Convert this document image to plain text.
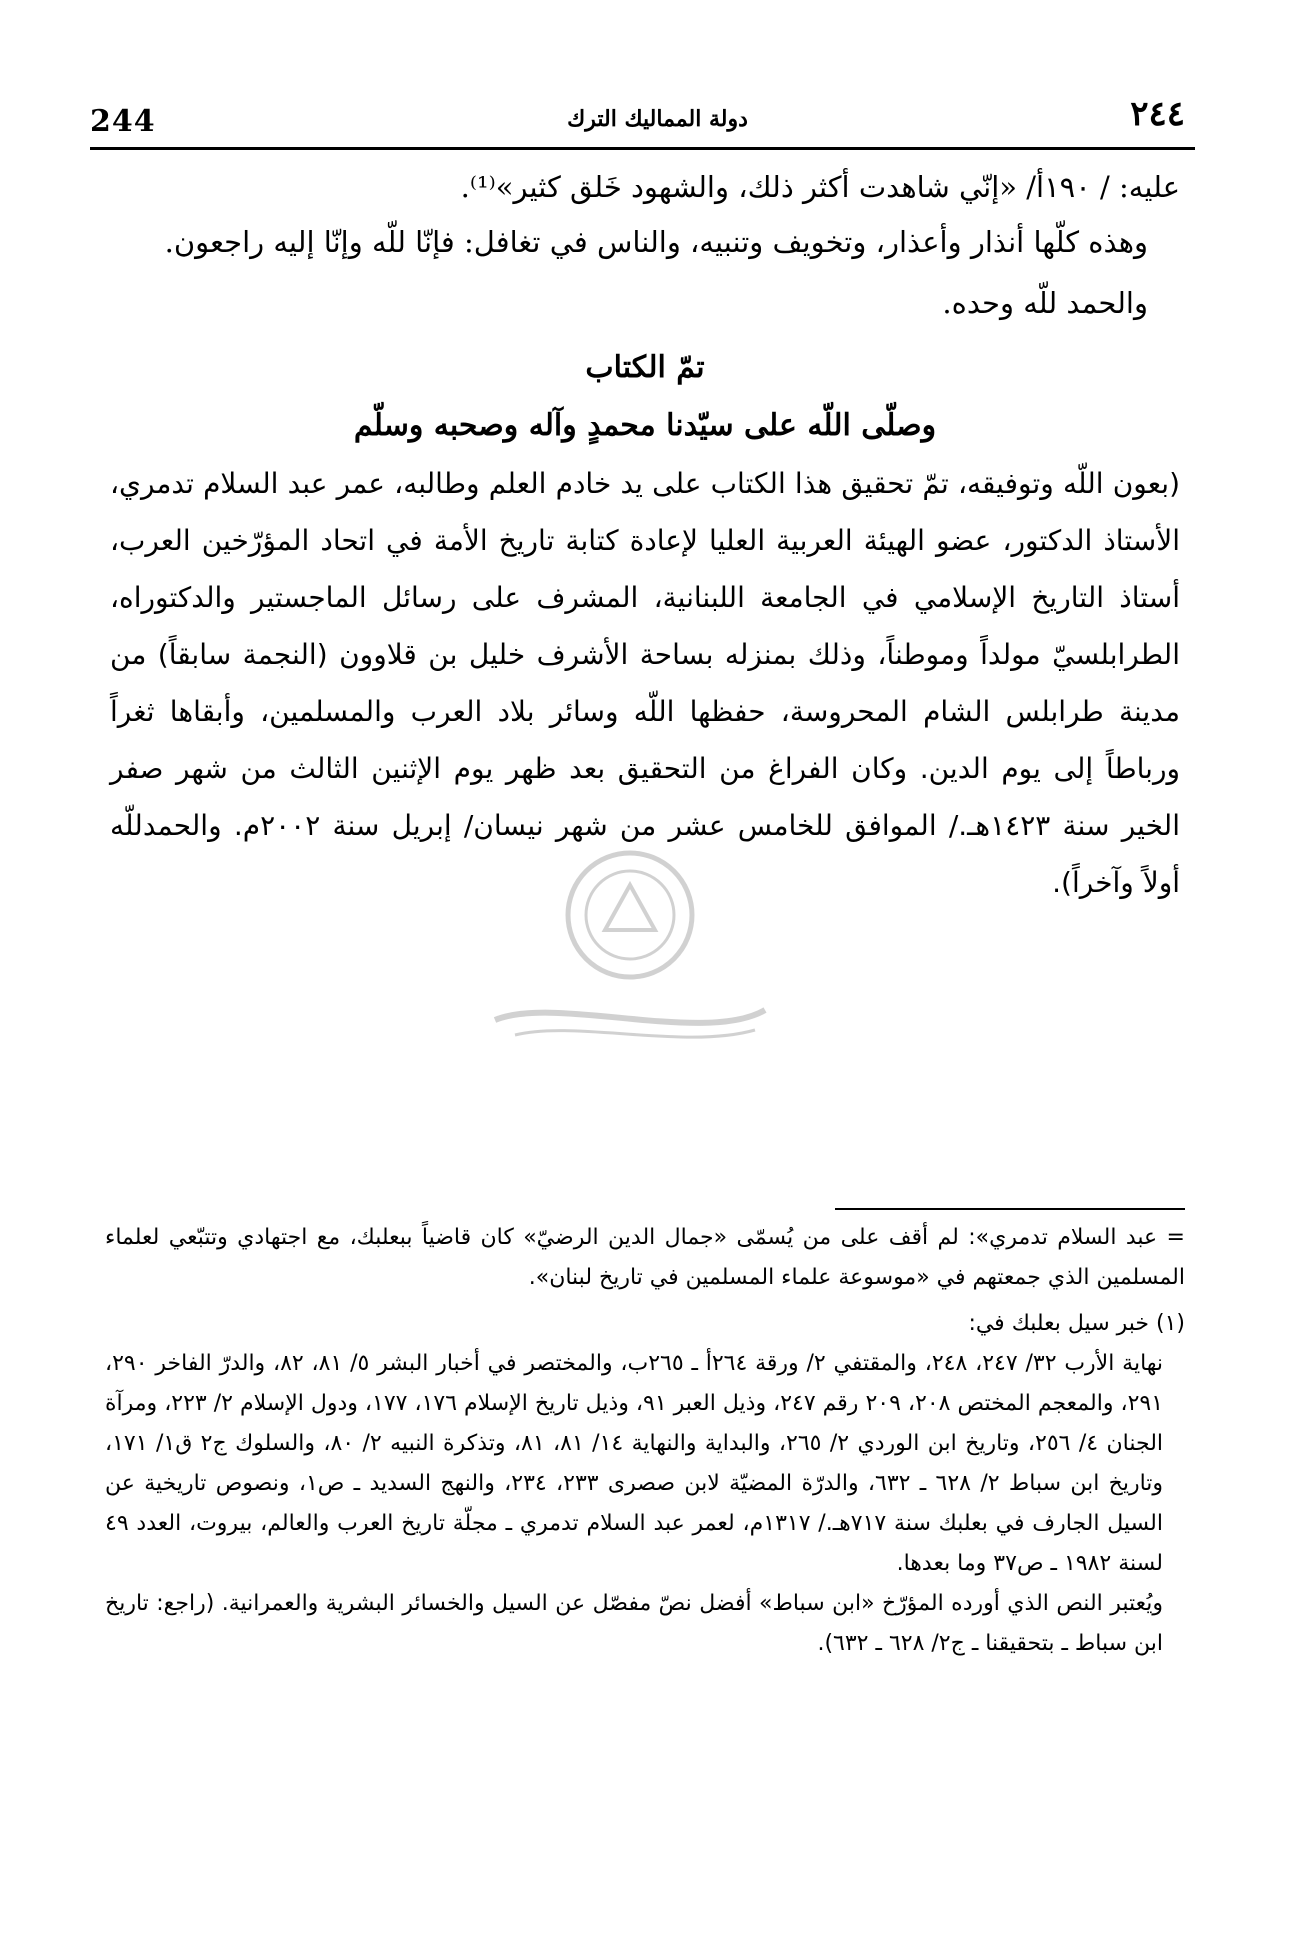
244	دولة المماليك الترك	٢٤٤

عليه: / ١٩٠أ/ «إنّي شاهدت أكثر ذلك، والشهود خَلق كثير»⁽¹⁾.

وهذه كلّها أنذار وأعذار، وتخويف وتنبيه، والناس في تغافل: فإنّا للّه وإنّا إليه راجعون.

والحمد للّه وحده.

تمّ الكتاب

وصلّى اللّه على سيّدنا محمدٍ وآله وصحبه وسلّم

(بعون اللّه وتوفيقه، تمّ تحقيق هذا الكتاب على يد خادم العلم وطالبه، عمر عبد السلام تدمري، الأستاذ الدكتور، عضو الهيئة العربية العليا لإعادة كتابة تاريخ الأمة في اتحاد المؤرّخين العرب، أستاذ التاريخ الإسلامي في الجامعة اللبنانية، المشرف على رسائل الماجستير والدكتوراه، الطرابلسيّ مولداً وموطناً، وذلك بمنزله بساحة الأشرف خليل بن قلاوون (النجمة سابقاً) من مدينة طرابلس الشام المحروسة، حفظها اللّه وسائر بلاد العرب والمسلمين، وأبقاها ثغراً ورباطاً إلى يوم الدين. وكان الفراغ من التحقيق بعد ظهر يوم الإثنين الثالث من شهر صفر الخير سنة ١٤٢٣هـ./ الموافق للخامس عشر من شهر نيسان/ إبريل سنة ٢٠٠٢م. والحمدللّه أولاً وآخراً).

= عبد السلام تدمري»: لم أقف على من يُسمّى «جمال الدين الرضيّ» كان قاضياً ببعلبك، مع اجتهادي وتتبّعي لعلماء المسلمين الذي جمعتهم في «موسوعة علماء المسلمين في تاريخ لبنان».

(١) خبر سيل بعلبك في:

نهاية الأرب ٣٢/ ٢٤٧، ٢٤٨، والمقتفي ٢/ ورقة ٢٦٤أ ـ ٢٦٥ب، والمختصر في أخبار البشر ٥/ ٨١، ٨٢، والدرّ الفاخر ٢٩٠، ٢٩١، والمعجم المختص ٢٠٨، ٢٠٩ رقم ٢٤٧، وذيل العبر ٩١، وذيل تاريخ الإسلام ١٧٦، ١٧٧، ودول الإسلام ٢/ ٢٢٣، ومرآة الجنان ٤/ ٢٥٦، وتاريخ ابن الوردي ٢/ ٢٦٥، والبداية والنهاية ١٤/ ٨١، ٨١، وتذكرة النبيه ٢/ ٨٠، والسلوك ج٢ ق١/ ١٧١، وتاريخ ابن سباط ٢/ ٦٢٨ ـ ٦٣٢، والدرّة المضيّة لابن صصرى ٢٣٣، ٢٣٤، والنهج السديد ـ ص١، ونصوص تاريخية عن السيل الجارف في بعلبك سنة ٧١٧هـ./ ١٣١٧م، لعمر عبد السلام تدمري ـ مجلّة تاريخ العرب والعالم، بيروت، العدد ٤٩ لسنة ١٩٨٢ ـ ص٣٧ وما بعدها.

ويُعتبر النص الذي أورده المؤرّخ «ابن سباط» أفضل نصّ مفصّل عن السيل والخسائر البشرية والعمرانية. (راجع: تاريخ ابن سباط ـ بتحقيقنا ـ ج٢/ ٦٢٨ ـ ٦٣٢).
